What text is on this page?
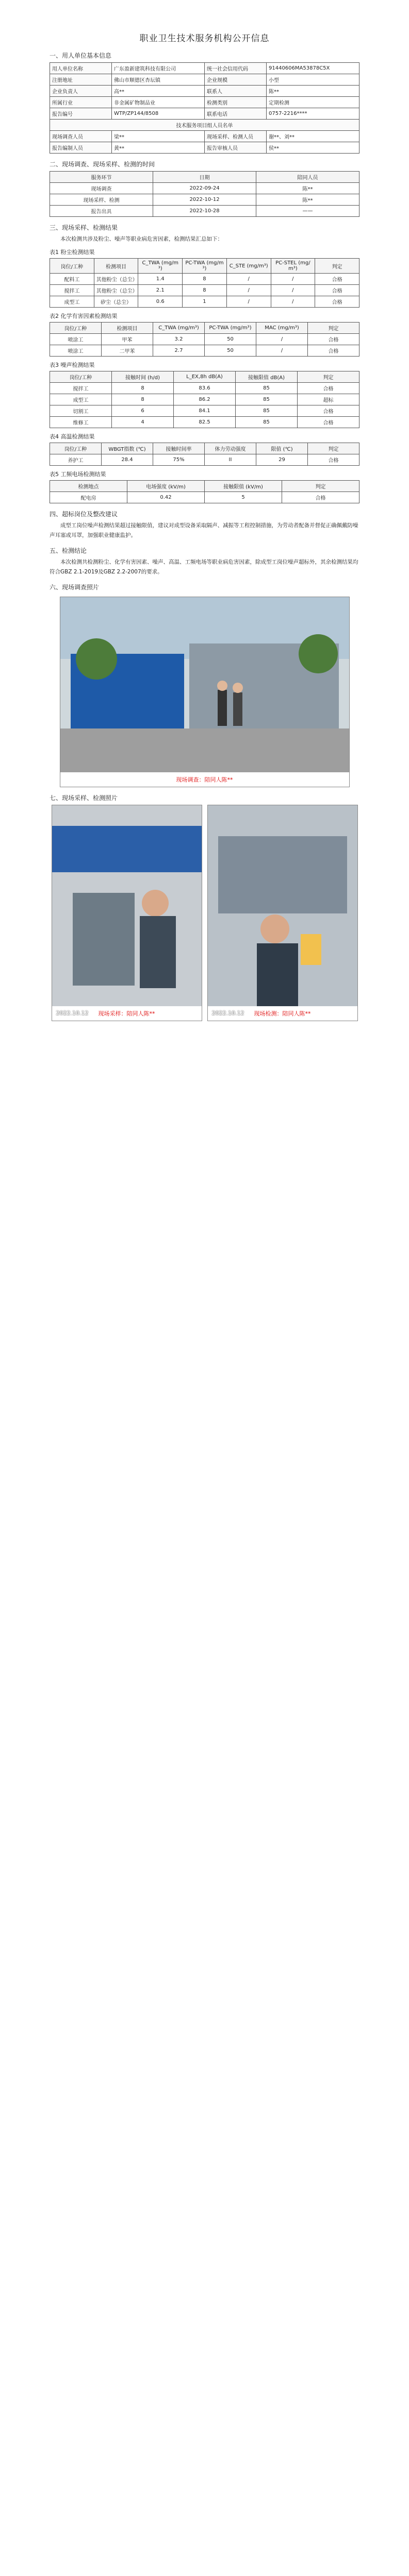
职业卫生技术服务机构公开信息
一、用人单位基本信息
用人单位名称	广东盈新建筑科技有限公司	统一社会信用代码	91440606MA53878C5X
注册地址	佛山市顺德区杏坛镇	企业规模	小型
企业负责人	高**	联系人	陈**
所属行业	非金属矿物制品业	检测类别	定期检测
报告编号	WTP/ZP144/8508	联系电话	0757-2216****
技术服务项目组人员名单			
现场调查人员	梁**	现场采样、检测人员	谢**、刘**
报告编制人员	黄**	报告审核人员	侯**
二、现场调查、现场采样、检测的时间
服务环节	日期	陪同人员
现场调查	2022-09-24	陈**
现场采样、检测	2022-10-12	陈**
报告出具	2022-10-28	——
三、现场采样、检测结果

本次检测共涉及粉尘、噪声等职业病危害因素，检测结果汇总如下：

表1 粉尘检测结果
岗位/工种	检测项目	C_TWA (mg/m³)	PC-TWA (mg/m³)	C_STE (mg/m³)	PC-STEL (mg/m³)	判定
配料工	其他粉尘（总尘）	1.4	8	/	/	合格
搅拌工	其他粉尘（总尘）	2.1	8	/	/	合格
成型工	矽尘（总尘）	0.6	1	/	/	合格
表2 化学有害因素检测结果
岗位/工种	检测项目	C_TWA (mg/m³)	PC-TWA (mg/m³)	MAC (mg/m³)	判定
喷涂工	甲苯	3.2	50	/	合格
喷涂工	二甲苯	2.7	50	/	合格
表3 噪声检测结果
岗位/工种	接触时间 (h/d)	L_EX,8h dB(A)	接触限值 dB(A)	判定
搅拌工	8	83.6	85	合格
成型工	8	86.2	85	超标
切割工	6	84.1	85	合格
维修工	4	82.5	85	合格
表4 高温检测结果
岗位/工种	WBGT指数 (℃)	接触时间率	体力劳动强度	限值 (℃)	判定
养护工	28.4	75%	II	29	合格
表5 工频电场检测结果
检测地点	电场强度 (kV/m)	接触限值 (kV/m)	判定
配电房	0.42	5	合格
四、超标岗位及整改建议

成型工岗位噪声检测结果超过接触限值，建议对成型设备采取隔声、减振等工程控制措施，为劳动者配备并督促正确佩戴防噪声耳塞或耳罩，加强职业健康监护。

五、检测结论

本次检测共检测粉尘、化学有害因素、噪声、高温、工频电场等职业病危害因素，除成型工岗位噪声超标外，其余检测结果均符合GBZ 2.1-2019及GBZ 2.2-2007的要求。

六、现场调查照片
现场调查：陪同人陈**
七、现场采样、检测照片
2022.10.12	现场采样：陪同人陈**	2022.10.12	现场检测：陪同人陈**
